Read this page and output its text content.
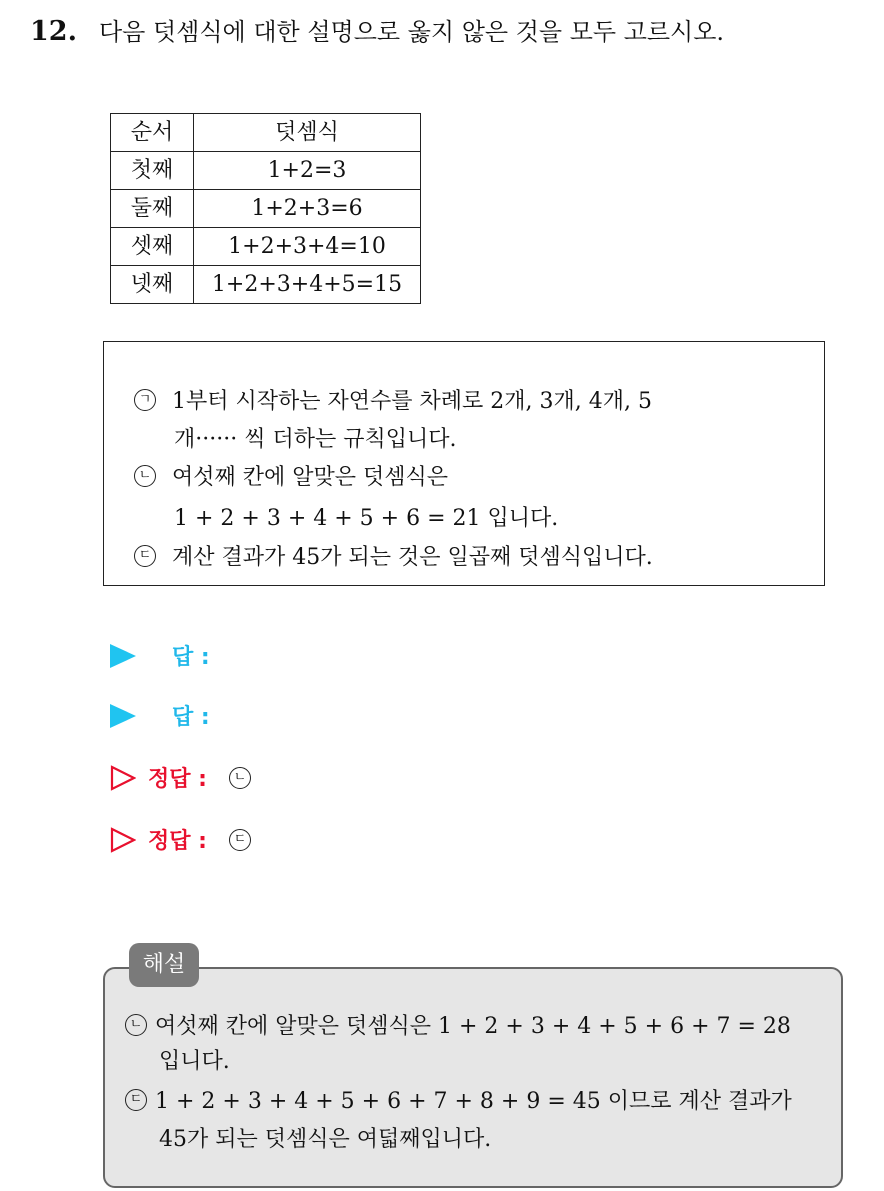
12. 다음 덧셈식에 대한 설명으로 옳지 않은 것을 모두 고르시오.
순서	덧셈식
첫째	1+2=3
둘째	1+2+3=6
셋째	1+2+3+4=10
넷째	1+2+3+4+5=15
ㄱ 1부터 시작하는 자연수를 차례로 2개, 3개, 4개, 5
개······ 씩 더하는 규칙입니다.
ㄴ 여섯째 칸에 알맞은 덧셈식은
1 + 2 + 3 + 4 + 5 + 6 = 21 입니다.
ㄷ 계산 결과가 45가 되는 것은 일곱째 덧셈식입니다.
답 :
답 :
정답 :	ㄴ
정답 :	ㄷ
해설
ㄴ 여섯째 칸에 알맞은 덧셈식은 1 + 2 + 3 + 4 + 5 + 6 + 7 = 28
입니다.
ㄷ 1 + 2 + 3 + 4 + 5 + 6 + 7 + 8 + 9 = 45 이므로 계산 결과가
45가 되는 덧셈식은 여덟째입니다.
